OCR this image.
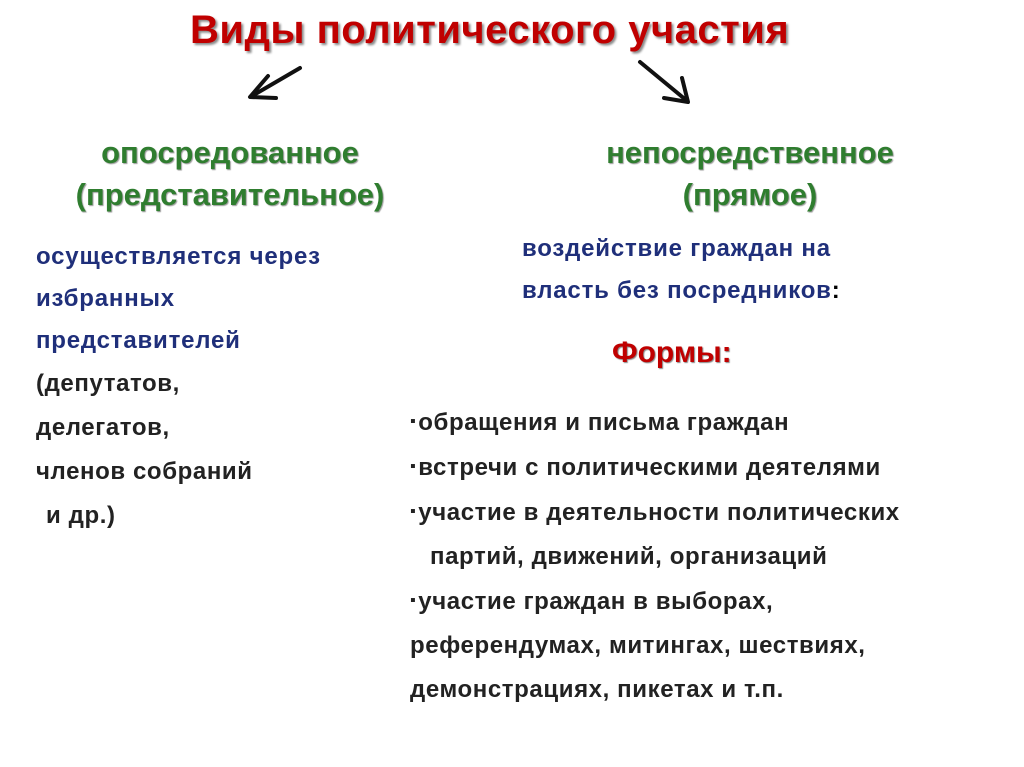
Виды политического участия
опосредованное
(представительное)
непосредственное
(прямое)
осуществляется через
избранных
представителей
(депутатов,
делегатов,
членов собраний
и др.)
воздействие граждан на
власть без посредников:
Формы:
▪обращения и письма граждан
▪встречи с политическими деятелями
▪участие в деятельности политических
партий, движений, организаций
▪участие граждан в выборах,
референдумах, митингах, шествиях,
демонстрациях, пикетах и т.п.
